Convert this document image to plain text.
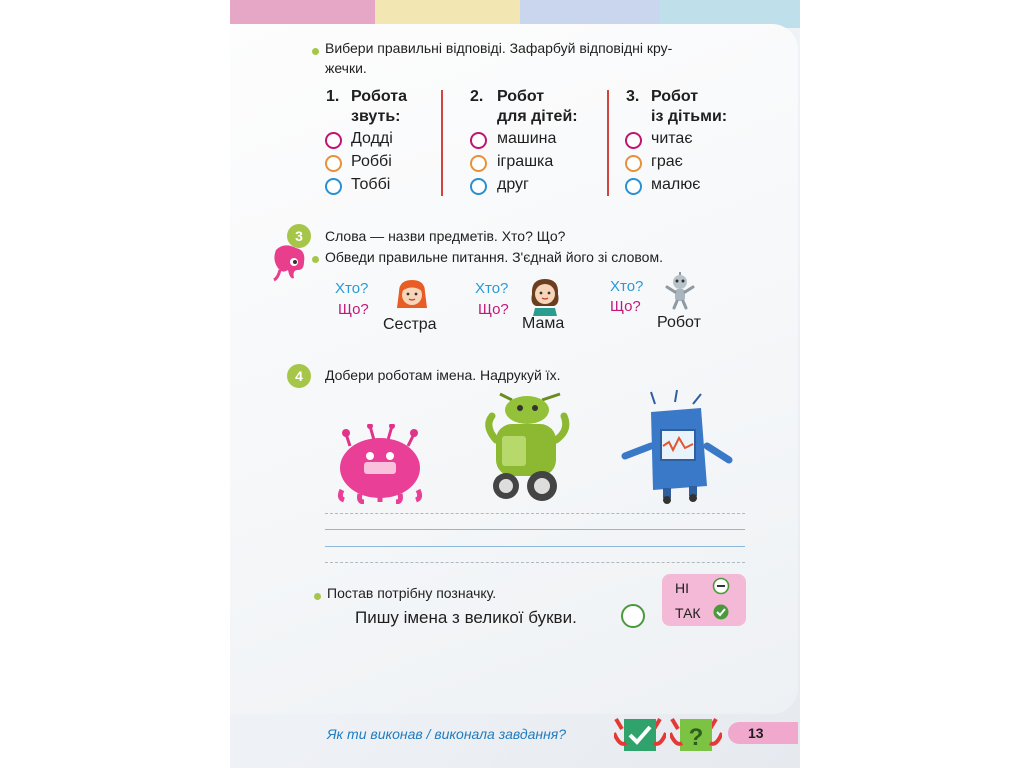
Вибери правильні відповіді. Зафарбуй відповідні кру-
жечки.
1. Робота
звуть:
2. Робот
для дітей:
3. Робот
із дітьми:
Додді
Роббі
Тоббі
машина
іграшка
друг
читає
грає
малює
3	Слова — назви предметів. Хто? Що?
Обведи правильне питання. З'єднай його зі словом.
Хто?
Що?
Сестра
Хто?
Що?
Мама
Хто?
Що?
Робот
4	Добери роботам імена. Надрукуй їх.
Постав потрібну позначку.
Пишу імена з великої букви.
НІ
ТАК
Як ти виконав / виконала завдання?	?	13
